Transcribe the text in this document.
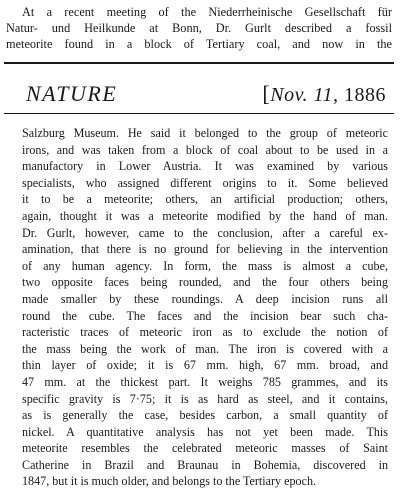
At a recent meeting of the Niederrheinische Gesellschaft für
Natur- und Heilkunde at Bonn, Dr. Gurlt described a fossil
meteorite found in a block of Tertiary coal, and now in the
NATURE	[Nov. 11, 1886
Salzburg Museum. He said it belonged to the group of meteoric
irons, and was taken from a block of coal about to be used in a
manufactory in Lower Austria. It was examined by various
specialists, who assigned different origins to it. Some believed
it to be a meteorite; others, an artificial production; others,
again, thought it was a meteorite modified by the hand of man.
Dr. Gurlt, however, came to the conclusion, after a careful ex-
amination, that there is no ground for believing in the intervention
of any human agency. In form, the mass is almost a cube,
two opposite faces being rounded, and the four others being
made smaller by these roundings. A deep incision runs all
round the cube. The faces and the incision bear such cha-
racteristic traces of meteoric iron as to exclude the notion of
the mass being the work of man. The iron is covered with a
thin layer of oxide; it is 67 mm. high, 67 mm. broad, and
47 mm. at the thickest part. It weighs 785 grammes, and its
specific gravity is 7·75; it is as hard as steel, and it contains,
as is generally the case, besides carbon, a small quantity of
nickel. A quantitative analysis has not yet been made. This
meteorite resembles the celebrated meteoric masses of Saint
Catherine in Brazil and Braunau in Bohemia, discovered in
1847, but it is much older, and belongs to the Tertiary epoch.
